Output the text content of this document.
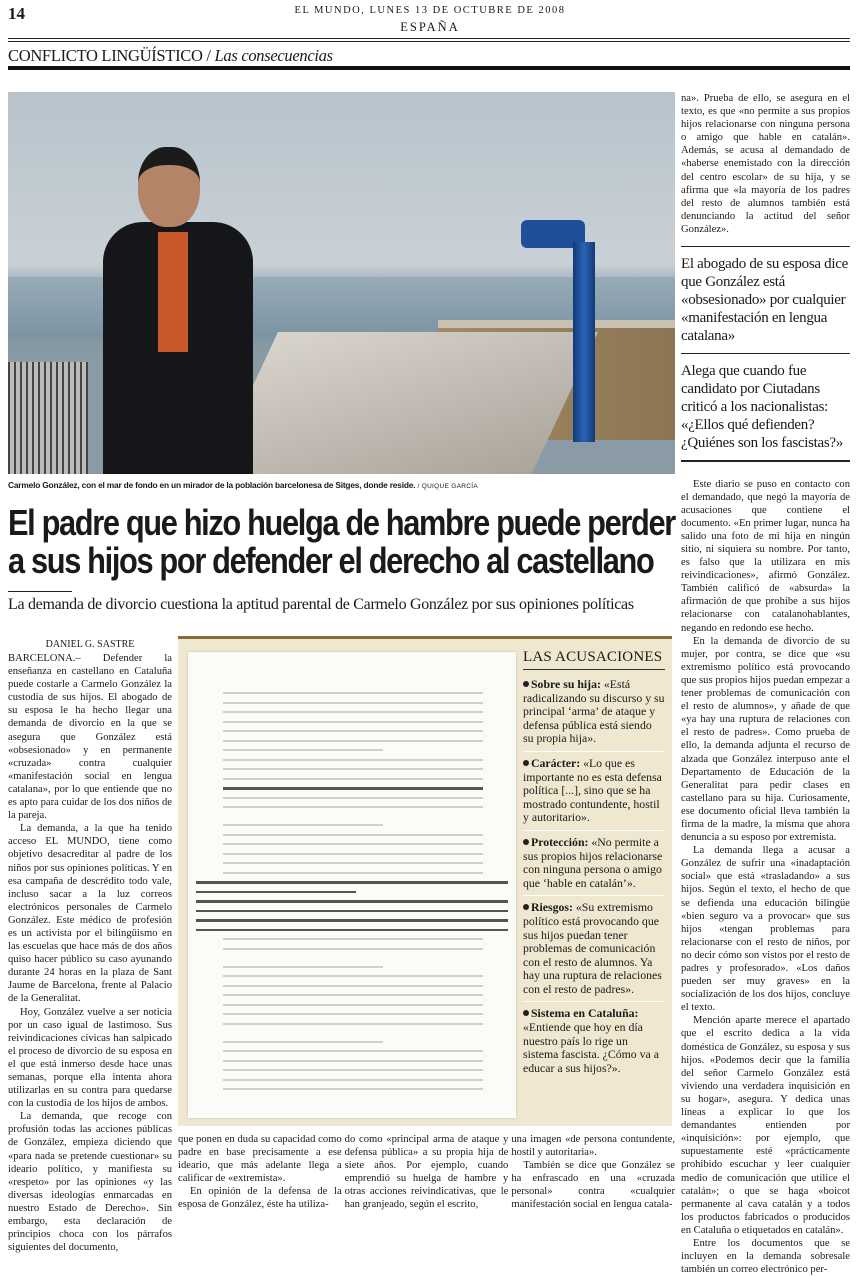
14	EL MUNDO, LUNES 13 DE OCTUBRE DE 2008
ESPAÑA
CONFLICTO LINGÜÍSTICO / Las consecuencias
Carmelo González, con el mar de fondo en un mirador de la población barcelonesa de Sitges, donde reside. / QUIQUE GARCÍA
El padre que hizo huelga de hambre puede perder
a sus hijos por defender el derecho al castellano
La demanda de divorcio cuestiona la aptitud parental de Carmelo González por sus opiniones políticas
DANIEL G. SASTRE

BARCELONA.– Defender la enseñanza en castellano en Cataluña puede costarle a Carmelo González la custodia de sus hijos. El abogado de su esposa le ha hecho llegar una demanda de divorcio en la que se asegura que González está «obsesionado» y en permanente «cruzada» contra cualquier «manifestación social en lengua catalana», por lo que entiende que no es apto para cuidar de los dos niños de la pareja.

La demanda, a la que ha tenido acceso EL MUNDO, tiene como objetivo desacreditar al padre de los niños por sus opiniones políticas. Y en esa campaña de descrédito todo vale, incluso sacar a la luz correos electrónicos personales de Carmelo González. Este médico de profesión es un activista por el bilingüismo en las escuelas que hace más de dos años quiso hacer público su caso ayunando durante 24 horas en la plaza de Sant Jaume de Barcelona, frente al Palacio de la Generalitat.

Hoy, González vuelve a ser noticia por un caso igual de lastimoso. Sus reivindicaciones cívicas han salpicado el proceso de divorcio de su esposa en el que está inmerso desde hace unas semanas, porque ella intenta ahora utilizarlas en su contra para quedarse con la custodia de los hijos de ambos.

La demanda, que recoge con profusión todas las acciones públicas de González, empieza diciendo que «para nada se pretende cuestionar» su ideario político, y manifiesta su «respeto» por las opiniones «y las diversas ideologías enmarcadas en nuestro Estado de Derecho». Sin embargo, esta declaración de principios choca con los párrafos siguientes del documento,

LAS ACUSACIONES
Sobre su hija: «Está radicalizando su discurso y su principal ‘arma’ de ataque y defensa pública está siendo su propia hija».
Carácter: «Lo que es importante no es esta defensa política [...], sino que se ha mostrado contundente, hostil y autoritario».
Protección: «No permite a sus propios hijos relacionarse con ninguna persona o amigo que ‘hable en catalán’».
Riesgos: «Su extremismo político está provocando que sus hijos puedan tener problemas de comunicación con el resto de alumnos. Ya hay una ruptura de relaciones con el resto de padres».
Sistema en Cataluña: «Entiende que hoy en día nuestro país lo rige un sistema fascista. ¿Cómo va a educar a sus hijos?».

que ponen en duda su capacidad como padre en base precisamente a ese ideario, que más adelante llega a calificar de «extremista».

En opinión de la defensa de la esposa de González, éste ha utiliza-

do como «principal arma de ataque y defensa pública» a su propia hija de siete años. Por ejemplo, cuando emprendió su huelga de hambre y otras acciones reivindicativas, que le han granjeado, según el escrito,

una imagen «de persona contundente, hostil y autoritaria».

También se dice que González se ha enfrascado en una «cruzada personal» contra «cualquier manifestación social en lengua catala-

na». Prueba de ello, se asegura en el texto, es que «no permite a sus propios hijos relacionarse con ninguna persona o amigo que hable en catalán». Además, se acusa al demandado de «haberse enemistado con la dirección del centro escolar» de su hija, y se afirma que «la mayoría de los padres del resto de alumnos también está denunciando la actitud del señor González».

El abogado de su esposa dice que González está «obsesionado» por cualquier «manifestación en lengua catalana»
Alega que cuando fue candidato por Ciutadans criticó a los nacionalistas: «¿Ellos qué defienden? ¿Quiénes son los fascistas?»

Este diario se puso en contacto con el demandado, que negó la mayoría de acusaciones que contiene el documento. «En primer lugar, nunca ha salido una foto de mi hija en ningún sitio, ni siquiera su nombre. Por tanto, es falso que la utilizara en mis reivindicaciones», afirmó González. También calificó de «absurda» la afirmación de que prohíbe a sus hijos relacionarse con catalanohablantes, negando en redondo ese hecho.

En la demanda de divorcio de su mujer, por contra, se dice que «su extremismo político está provocando que sus propios hijos puedan empezar a tener problemas de comunicación con el resto de alumnos», y añade de que «ya hay una ruptura de relaciones con el resto de padres». Como prueba de ello, la demanda adjunta el recurso de alzada que González interpuso ante el Departamento de Educación de la Generalitat para pedir clases en castellano para su hija. Curiosamente, ese documento oficial lleva también la firma de la madre, la misma que ahora denuncia a su esposo por extremista.

La demanda llega a acusar a González de sufrir una «inadaptación social» que está «trasladando» a sus hijos. Según el texto, el hecho de que se defienda una educación bilingüe «bien seguro va a provocar» que sus hijos «tengan problemas para relacionarse con el resto de niños, por no decir cómo son vistos por el resto de padres y profesorado». «Los daños pueden ser muy graves» en la socialización de los dos hijos, concluye el texto.

Mención aparte merece el apartado que el escrito dedica a la vida doméstica de González, su esposa y sus hijos. «Podemos decir que la familia del señor Carmelo González está viviendo una verdadera inquisición en su hogar», asegura. Y dedica unas líneas a explicar lo que los demandantes entienden por «inquisición»: por ejemplo, que supuestamente esté «prácticamente prohibido escuchar y leer cualquier medio de comunicación que utilice el catalán»; o que se haga «boicot permanente al cava catalán y a todos los productos fabricados o producidos en Cataluña o etiquetados en catalán».

Entre los documentos que se incluyen en la demanda sobresale también un correo electrónico per-
